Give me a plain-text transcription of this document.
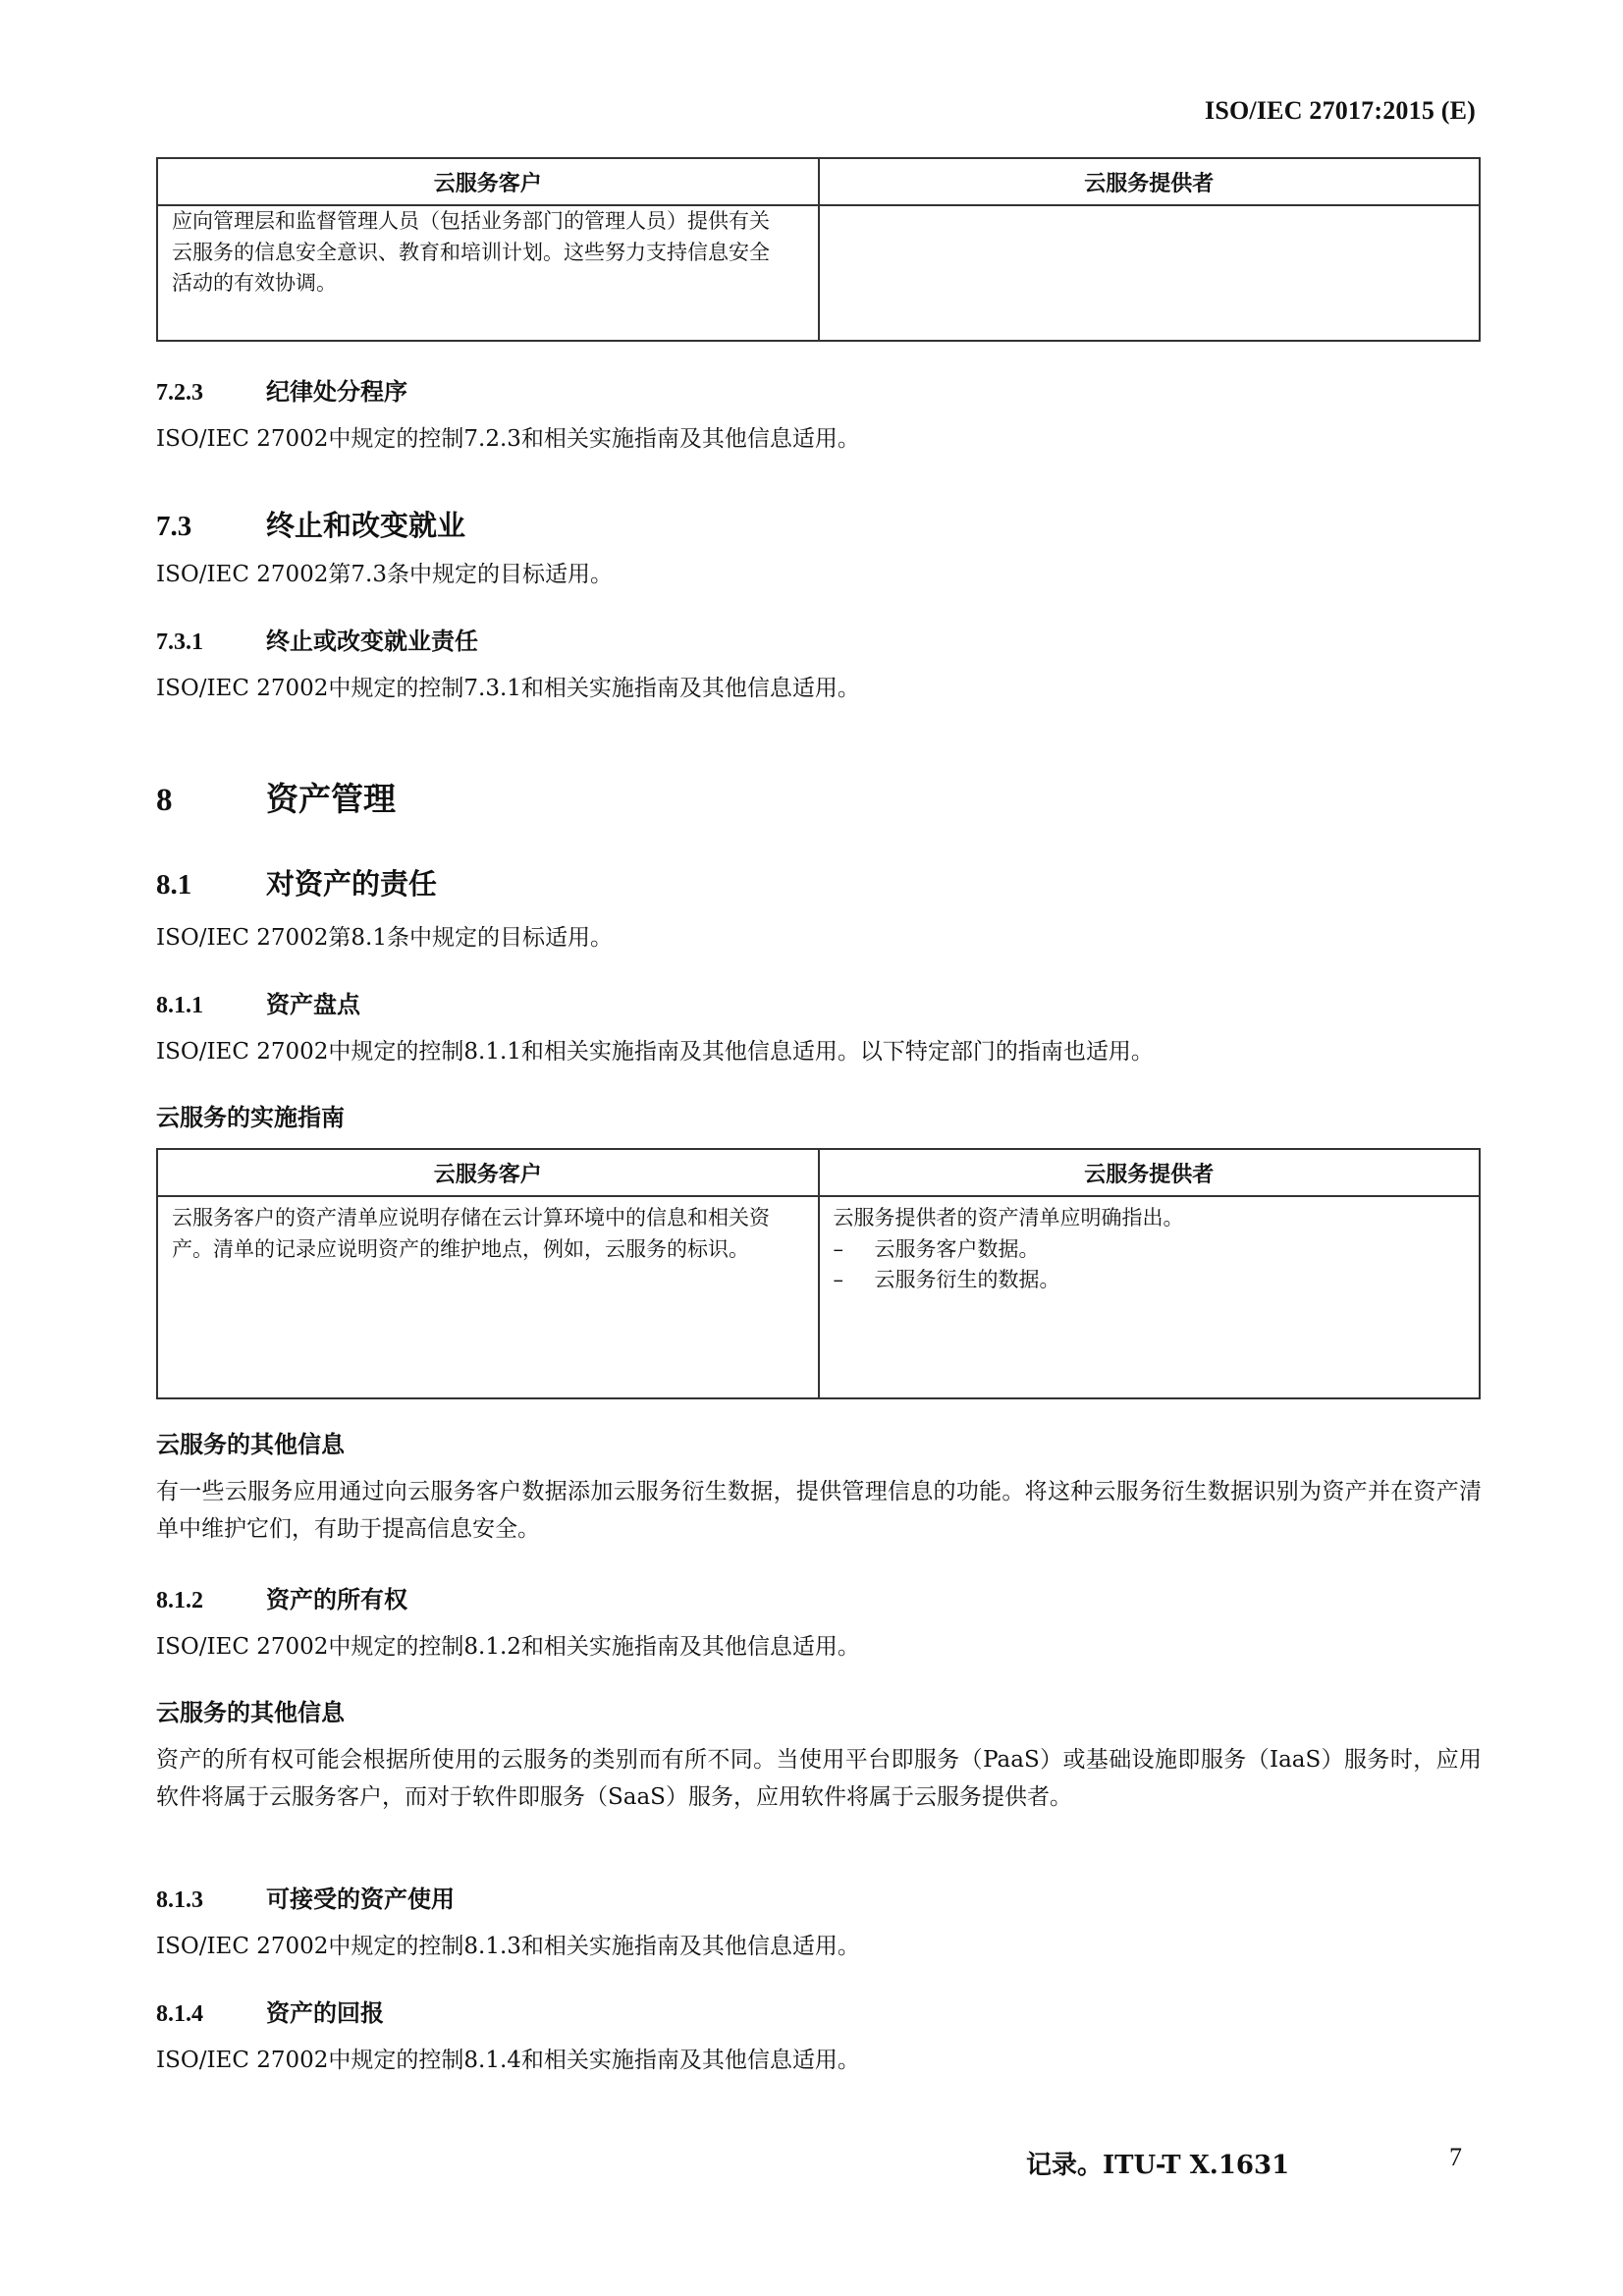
ISO/IEC 27017:2015 (E)
云服务客户	云服务提供者
应向管理层和监督管理人员（包括业务部门的管理人员）提供有关云服务的信息安全意识、教育和培训计划。这些努力支持信息安全活动的有效协调。	
7.2.3	纪律处分程序
ISO/IEC 27002中规定的控制7.2.3和相关实施指南及其他信息适用。
7.3	终止和改变就业
ISO/IEC 27002第7.3条中规定的目标适用。
7.3.1	终止或改变就业责任
ISO/IEC 27002中规定的控制7.3.1和相关实施指南及其他信息适用。
8	资产管理
8.1	对资产的责任
ISO/IEC 27002第8.1条中规定的目标适用。
8.1.1	资产盘点
ISO/IEC 27002中规定的控制8.1.1和相关实施指南及其他信息适用。以下特定部门的指南也适用。
云服务的实施指南
云服务客户	云服务提供者
云服务客户的资产清单应说明存储在云计算环境中的信息和相关资产。清单的记录应说明资产的维护地点，例如，云服务的标识。	云服务提供者的资产清单应明确指出。
– 云服务客户数据。
– 云服务衍生的数据。
云服务的其他信息
有一些云服务应用通过向云服务客户数据添加云服务衍生数据，提供管理信息的功能。将这种云服务衍生数据识别为资产并在资产清单中维护它们，有助于提高信息安全。
8.1.2	资产的所有权
ISO/IEC 27002中规定的控制8.1.2和相关实施指南及其他信息适用。
云服务的其他信息
资产的所有权可能会根据所使用的云服务的类别而有所不同。当使用平台即服务（PaaS）或基础设施即服务（IaaS）服务时，应用软件将属于云服务客户，而对于软件即服务（SaaS）服务，应用软件将属于云服务提供者。
8.1.3	可接受的资产使用
ISO/IEC 27002中规定的控制8.1.3和相关实施指南及其他信息适用。
8.1.4	资产的回报
ISO/IEC 27002中规定的控制8.1.4和相关实施指南及其他信息适用。
记录。ITU-T X.1631	7
